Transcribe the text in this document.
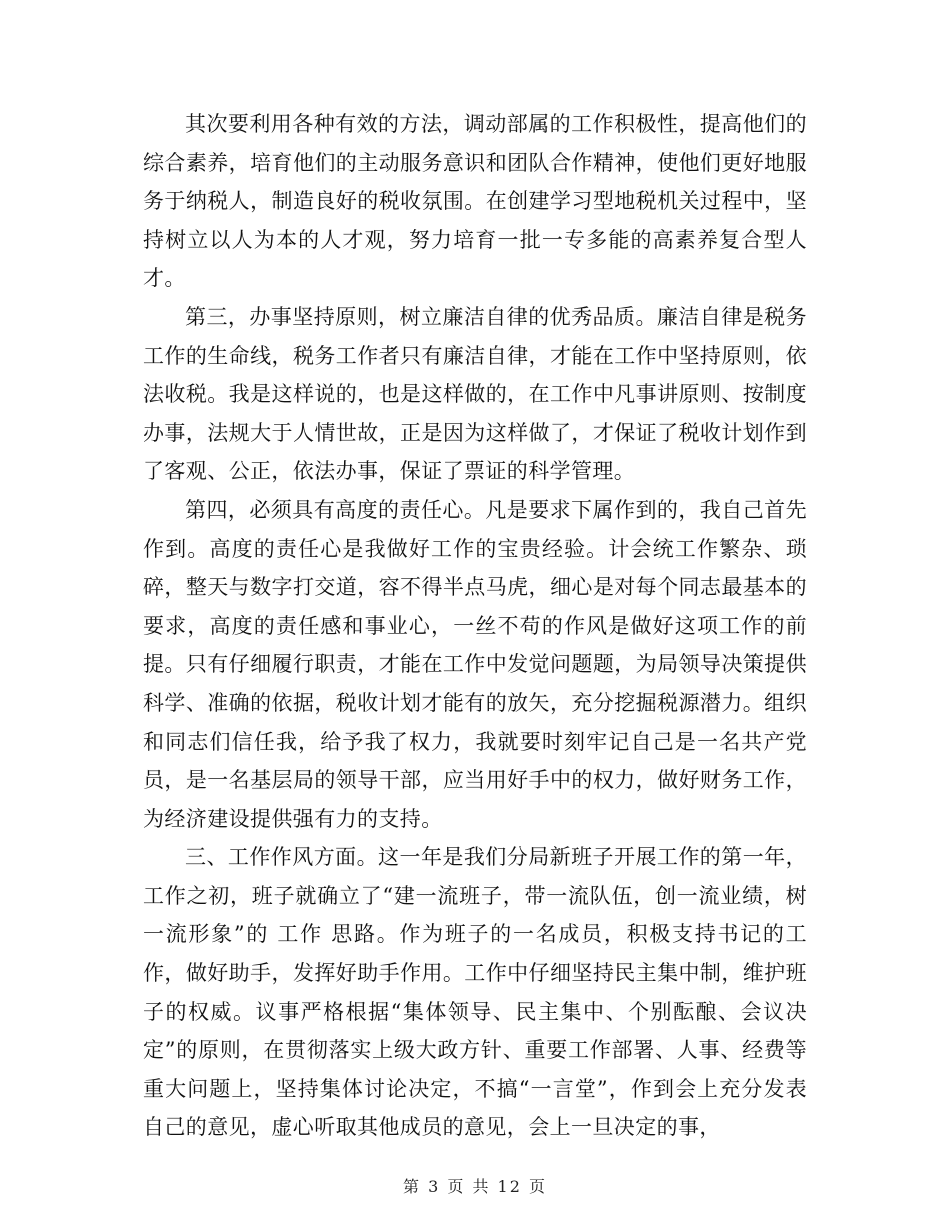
其次要利用各种有效的方法，调动部属的工作积极性，提高他们的综合素养，培育他们的主动服务意识和团队合作精神，使他们更好地服务于纳税人，制造良好的税收氛围。在创建学习型地税机关过程中，坚持树立以人为本的人才观，努力培育一批一专多能的高素养复合型人才。

第三，办事坚持原则，树立廉洁自律的优秀品质。廉洁自律是税务工作的生命线，税务工作者只有廉洁自律，才能在工作中坚持原则，依法收税。我是这样说的，也是这样做的，在工作中凡事讲原则、按制度办事，法规大于人情世故，正是因为这样做了，才保证了税收计划作到了客观、公正，依法办事，保证了票证的科学管理。

第四，必须具有高度的责任心。凡是要求下属作到的，我自己首先作到。高度的责任心是我做好工作的宝贵经验。计会统工作繁杂、琐碎，整天与数字打交道，容不得半点马虎，细心是对每个同志最基本的要求，高度的责任感和事业心，一丝不苟的作风是做好这项工作的前提。只有仔细履行职责，才能在工作中发觉问题题，为局领导决策提供科学、准确的依据，税收计划才能有的放矢，充分挖掘税源潜力。组织和同志们信任我，给予我了权力，我就要时刻牢记自己是一名共产党员，是一名基层局的领导干部，应当用好手中的权力，做好财务工作，为经济建设提供强有力的支持。

三、工作作风方面。这一年是我们分局新班子开展工作的第一年，工作之初，班子就确立了“建一流班子，带一流队伍，创一流业绩，树一流形象”的 工作 思路。作为班子的一名成员，积极支持书记的工作，做好助手，发挥好助手作用。工作中仔细坚持民主集中制，维护班子的权威。议事严格根据“集体领导、民主集中、个别酝酿、会议决定”的原则，在贯彻落实上级大政方针、重要工作部署、人事、经费等重大问题上，坚持集体讨论决定，不搞“一言堂”，作到会上充分发表自己的意见，虚心听取其他成员的意见，会上一旦决定的事，

第 3 页 共 12 页
